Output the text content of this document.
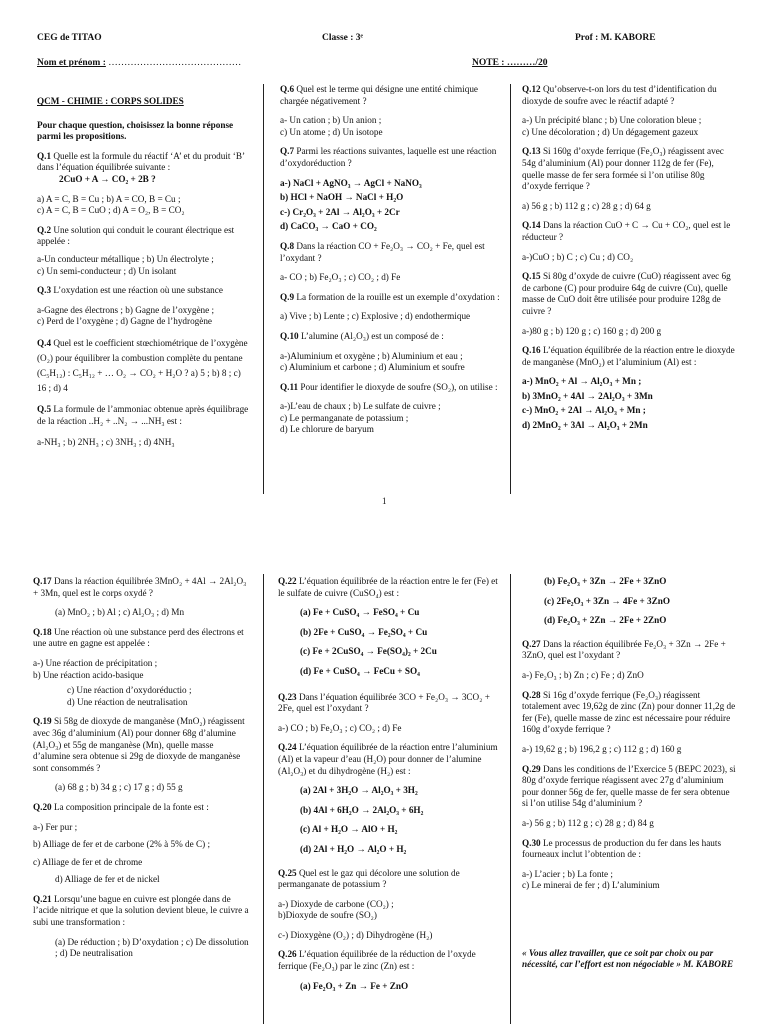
CEG de TITAO	Classe : 3ᵉ	Prof : M. KABORE
Nom et prénom : ……………………………………	NOTE : ………/20

QCM - CHIMIE : CORPS SOLIDES

Pour chaque question, choisissez la bonne réponse parmi les propositions.

Q.1 Quelle est la formule du réactif ‘A’ et du produit ‘B’ dans l’équation équilibrée suivante :
2CuO + A → CO₂ + 2B ?

a) A = C, B = Cu ; b) A = CO, B = Cu ;

c) A = C, B = CuO ; d) A = O₂, B = CO₂

Q.2 Une solution qui conduit le courant électrique est appelée :

a-Un conducteur métallique ; b) Un électrolyte ;

c) Un semi-conducteur ; d) Un isolant

Q.3 L’oxydation est une réaction où une substance

a-Gagne des électrons ; b) Gagne de l’oxygène ;

c) Perd de l’oxygène ; d) Gagne de l’hydrogène

Q.4 Quel est le coefficient stœchiométrique de l’oxygène (O₂) pour équilibrer la combustion complète du pentane (C₅H₁₂) : C₅H₁₂ + … O₂ → CO₂ + H₂O ? a) 5 ; b) 8 ; c) 16 ; d) 4

Q.5 La formule de l’ammoniac obtenue après équilibrage de la réaction ..H₂ + ..N₂ → ...NH₃ est :

a-NH₃ ; b) 2NH₃ ; c) 3NH₃ ; d) 4NH₃

Q.6 Quel est le terme qui désigne une entité chimique chargée négativement ?

a- Un cation ; b) Un anion ;

c) Un atome ; d) Un isotope

Q.7 Parmi les réactions suivantes, laquelle est une réaction d’oxydoréduction ?

a-) NaCl + AgNO₃ → AgCl + NaNO₃

b) HCl + NaOH → NaCl + H₂O

c-) Cr₂O₃ + 2Al → Al₂O₃ + 2Cr

d) CaCO₃ → CaO + CO₂

Q.8 Dans la réaction CO + Fe₂O₃ → CO₂ + Fe, quel est l’oxydant ?

a- CO ; b) Fe₂O₃ ; c) CO₂ ; d) Fe

Q.9 La formation de la rouille est un exemple d’oxydation :

a) Vive ; b) Lente ; c) Explosive ; d) endothermique

Q.10 L’alumine (Al₂O₃) est un composé de :

a-)Aluminium et oxygène ; b) Aluminium et eau ;

c) Aluminium et carbone ; d) Aluminium et soufre

Q.11 Pour identifier le dioxyde de soufre (SO₂), on utilise :

a-)L’eau de chaux ; b) Le sulfate de cuivre ;

c) Le permanganate de potassium ;

d) Le chlorure de baryum

Q.12 Qu’observe-t-on lors du test d’identification du dioxyde de soufre avec le réactif adapté ?

a-) Un précipité blanc ; b) Une coloration bleue ;

c) Une décoloration ; d) Un dégagement gazeux

Q.13 Si 160g d’oxyde ferrique (Fe₂O₃) réagissent avec 54g d’aluminium (Al) pour donner 112g de fer (Fe), quelle masse de fer sera formée si l’on utilise 80g d’oxyde ferrique ?

a) 56 g ; b) 112 g ; c) 28 g ; d) 64 g

Q.14 Dans la réaction CuO + C → Cu + CO₂, quel est le réducteur ?

a-)CuO ; b) C ; c) Cu ; d) CO₂

Q.15 Si 80g d’oxyde de cuivre (CuO) réagissent avec 6g de carbone (C) pour produire 64g de cuivre (Cu), quelle masse de CuO doit être utilisée pour produire 128g de cuivre ?

a-)80 g ; b) 120 g ; c) 160 g ; d) 200 g

Q.16 L’équation équilibrée de la réaction entre le dioxyde de manganèse (MnO₂) et l’aluminium (Al) est :

a-) MnO₂ + Al → Al₂O₃ + Mn ;

b) 3MnO₂ + 4Al → 2Al₂O₃ + 3Mn

c-) MnO₂ + 2Al → Al₂O₃ + Mn ;

d) 2MnO₂ + 3Al → Al₂O₃ + 2Mn

1

Q.17 Dans la réaction équilibrée 3MnO₂ + 4Al → 2Al₂O₃ + 3Mn, quel est le corps oxydé ?

(a) MnO₂ ; b) Al ; c) Al₂O₃ ; d) Mn

Q.18 Une réaction où une substance perd des électrons et une autre en gagne est appelée :

a-) Une réaction de précipitation ;

b) Une réaction acido-basique

c) Une réaction d’oxydoréductio ;

d) Une réaction de neutralisation

Q.19 Si 58g de dioxyde de manganèse (MnO₂) réagissent avec 36g d’aluminium (Al) pour donner 68g d’alumine (Al₂O₃) et 55g de manganèse (Mn), quelle masse d’alumine sera obtenue si 29g de dioxyde de manganèse sont consommés ?

(a) 68 g ; b) 34 g ; c) 17 g ; d) 55 g

Q.20 La composition principale de la fonte est :

a-) Fer pur ;

b) Alliage de fer et de carbone (2% à 5% de C) ;

c) Alliage de fer et de chrome

d) Alliage de fer et de nickel

Q.21 Lorsqu’une bague en cuivre est plongée dans de l’acide nitrique et que la solution devient bleue, le cuivre a subi une transformation :

(a) De réduction ; b) D’oxydation ; c) De dissolution ; d) De neutralisation

Q.22 L’équation équilibrée de la réaction entre le fer (Fe) et le sulfate de cuivre (CuSO₄) est :

(a) Fe + CuSO₄ → FeSO₄ + Cu

(b) 2Fe + CuSO₄ → Fe₂SO₄ + Cu

(c) Fe + 2CuSO₄ → Fe(SO₄)₂ + 2Cu

(d) Fe + CuSO₄ → FeCu + SO₄

Q.23 Dans l’équation équilibrée 3CO + Fe₂O₃ → 3CO₂ + 2Fe, quel est l’oxydant ?

a-) CO ; b) Fe₂O₃ ; c) CO₂ ; d) Fe

Q.24 L’équation équilibrée de la réaction entre l’aluminium (Al) et la vapeur d’eau (H₂O) pour donner de l’alumine (Al₂O₃) et du dihydrogène (H₂) est :

(a) 2Al + 3H₂O → Al₂O₃ + 3H₂

(b) 4Al + 6H₂O → 2Al₂O₃ + 6H₂

(c) Al + H₂O → AlO + H₂

(d) 2Al + H₂O → Al₂O + H₂

Q.25 Quel est le gaz qui décolore une solution de permanganate de potassium ?

a-) Dioxyde de carbone (CO₂) ;

b)Dioxyde de soufre (SO₂)

c-) Dioxygène (O₂) ; d) Dihydrogène (H₂)

Q.26 L’équation équilibrée de la réduction de l’oxyde ferrique (Fe₂O₃) par le zinc (Zn) est :

(a) Fe₂O₃ + Zn → Fe + ZnO

(b) Fe₂O₃ + 3Zn → 2Fe + 3ZnO

(c) 2Fe₂O₃ + 3Zn → 4Fe + 3ZnO

(d) Fe₂O₃ + 2Zn → 2Fe + 2ZnO

Q.27 Dans la réaction équilibrée Fe₂O₃ + 3Zn → 2Fe + 3ZnO, quel est l’oxydant ?

a-) Fe₂O₃ ; b) Zn ; c) Fe ; d) ZnO

Q.28 Si 16g d’oxyde ferrique (Fe₂O₃) réagissent totalement avec 19,62g de zinc (Zn) pour donner 11,2g de fer (Fe), quelle masse de zinc est nécessaire pour réduire 160g d’oxyde ferrique ?

a-) 19,62 g ; b) 196,2 g ; c) 112 g ; d) 160 g

Q.29 Dans les conditions de l’Exercice 5 (BEPC 2023), si 80g d’oxyde ferrique réagissent avec 27g d’aluminium pour donner 56g de fer, quelle masse de fer sera obtenue si l’on utilise 54g d’aluminium ?

a-) 56 g ; b) 112 g ; c) 28 g ; d) 84 g

Q.30 Le processus de production du fer dans les hauts fourneaux inclut l’obtention de :

a-) L’acier ; b) La fonte ;

c) Le minerai de fer ; d) L’aluminium

« Vous allez travailler, que ce soit par choix ou par nécessité, car l’effort est non négociable » M. KABORE
